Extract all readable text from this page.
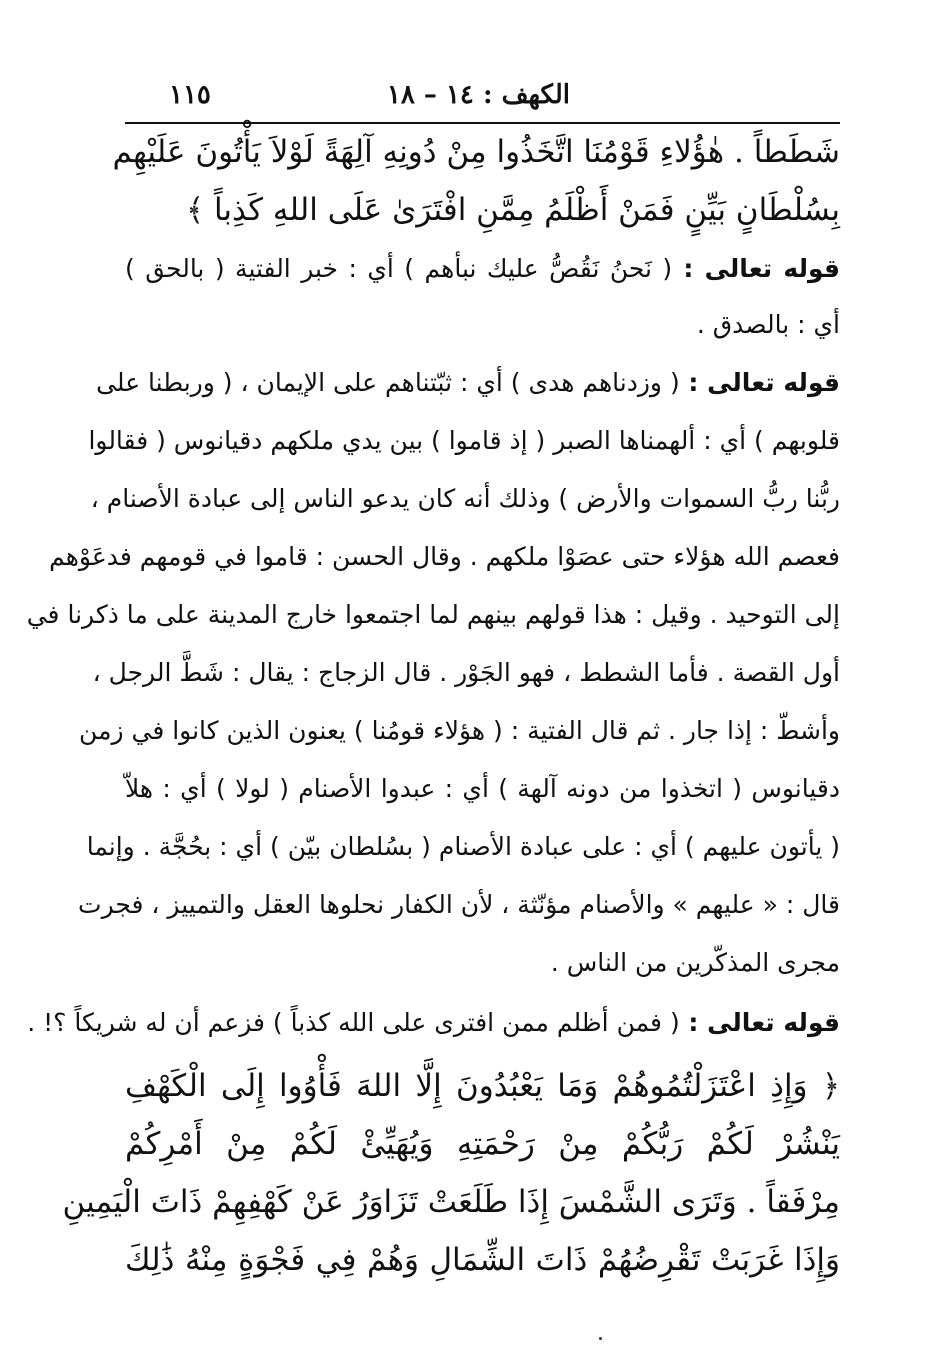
الكهف : ١٤ – ١٨
١١٥
شَطَطاً . هٰؤُلاءِ قَوْمُنَا اتَّخَذُوا مِنْ دُونِهِ آلِهَةً لَوْلاَ يَأْتُونَ عَلَيْهِم
بِسُلْطَانٍ بَيِّنٍ فَمَنْ أَظْلَمُ مِمَّنِ افْتَرَىٰ عَلَى اللهِ كَذِباً ﴾
قوله تعالى : ( نَحنُ نَقُصُّ عليك نبأهم ) أي : خبر الفتية ( بالحق )
أي : بالصدق .
قوله تعالى : ( وزدناهم هدى ) أي : ثبّتناهم على الإيمان ، ( وربطنا على
قلوبهم ) أي : ألهمناها الصبر ( إذ قاموا ) بين يدي ملكهم دقيانوس ( فقالوا
ربُّنا ربُّ السموات والأرض ) وذلك أنه كان يدعو الناس إلى عبادة الأصنام ،
فعصم الله هؤلاء حتى عصَوْا ملكهم . وقال الحسن : قاموا في قومهم فدعَوْهم
إلى التوحيد . وقيل : هذا قولهم بينهم لما اجتمعوا خارج المدينة على ما ذكرنا في
أول القصة . فأما الشطط ، فهو الجَوْر . قال الزجاج : يقال : شَطَّ الرجل ،
وأشطّ : إذا جار . ثم قال الفتية : ( هؤلاء قومُنا ) يعنون الذين كانوا في زمن
دقيانوس ( اتخذوا من دونه آلهة ) أي : عبدوا الأصنام ( لولا ) أي : هلاّ
( يأتون عليهم ) أي : على عبادة الأصنام ( بسُلطان بيّن ) أي : بحُجَّة . وإنما
قال : « عليهم » والأصنام مؤنّثة ، لأن الكفار نحلوها العقل والتمييز ، فجرت
مجرى المذكّرين من الناس .
قوله تعالى : ( فمن أظلم ممن افترى على الله كذباً ) فزعم أن له شريكاً ؟! .
﴿ وَإِذِ اعْتَزَلْتُمُوهُمْ وَمَا يَعْبُدُونَ إِلَّا اللهَ فَأْوُوا إِلَى الْكَهْفِ
يَنْشُرْ لَكُمْ رَبُّكُمْ مِنْ رَحْمَتِهِ وَيُهَيِّئْ لَكُمْ مِنْ أَمْرِكُمْ
مِرْفَقاً . وَتَرَى الشَّمْسَ إِذَا طَلَعَتْ تَزَاوَرُ عَنْ كَهْفِهِمْ ذَاتَ الْيَمِينِ
وَإِذَا غَرَبَتْ تَقْرِضُهُمْ ذَاتَ الشِّمَالِ وَهُمْ فِي فَجْوَةٍ مِنْهُ ذَٰلِكَ
